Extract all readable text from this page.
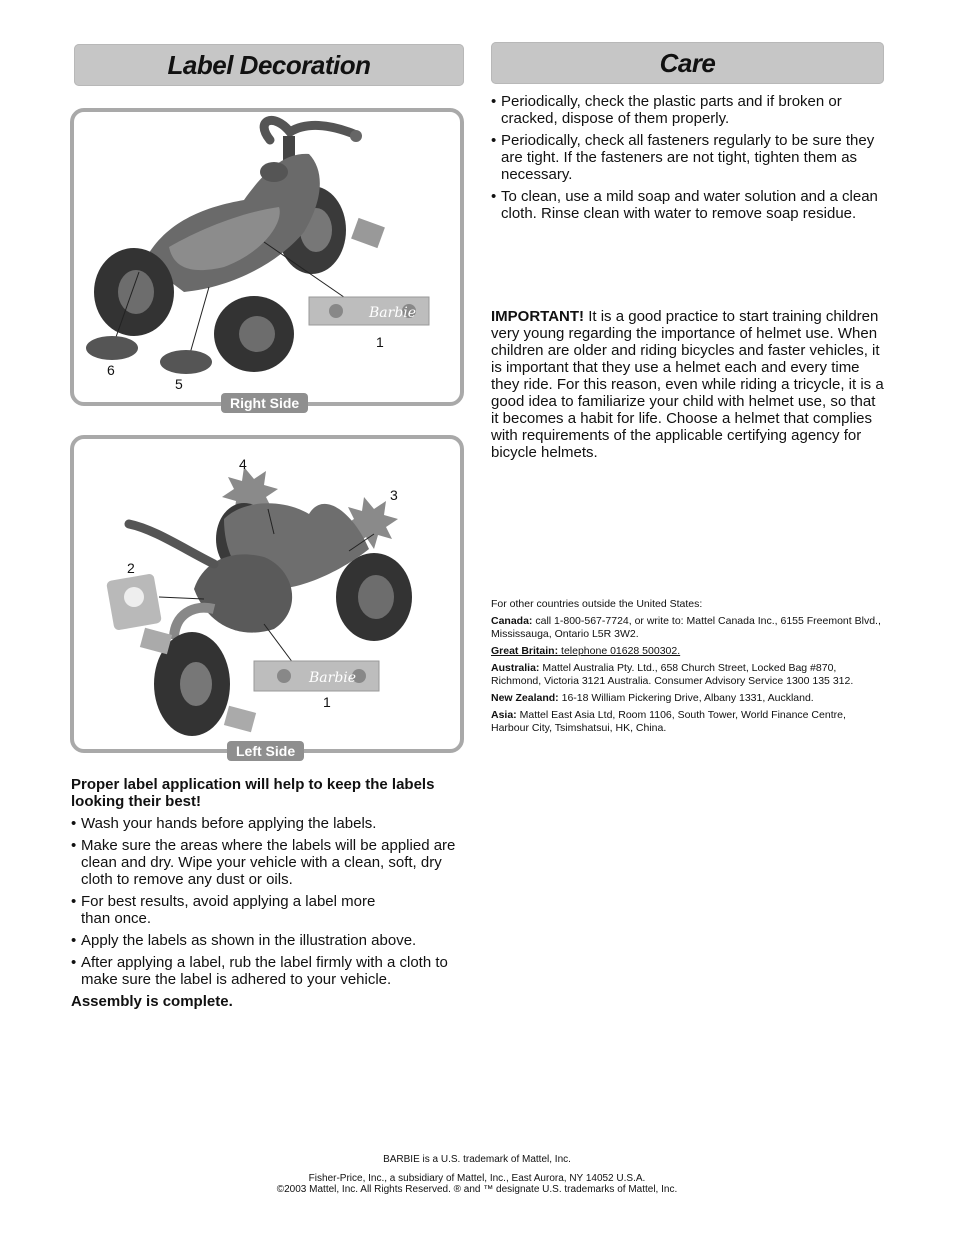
Label Decoration	Care
Barbie
1
6
5
Right Side
Barbie
4
3
2
1
Left Side
Proper label application will help to keep the labels looking their best!
• Wash your hands before applying the labels.
• Make sure the areas where the labels will be applied are clean and dry. Wipe your vehicle with a clean, soft, dry cloth to remove any dust or oils.
• For best results, avoid applying a label more than once.
• Apply the labels as shown in the illustration above.
• After applying a label, rub the label firmly with a cloth to make sure the label is adhered to your vehicle.
Assembly is complete.
• Periodically, check the plastic parts and if broken or cracked, dispose of them properly.
• Periodically, check all fasteners regularly to be sure they are tight. If the fasteners are not tight, tighten them as necessary.
• To clean, use a mild soap and water solution and a clean cloth. Rinse clean with water to remove soap residue.
IMPORTANT! It is a good practice to start training children very young regarding the importance of helmet use. When children are older and riding bicycles and faster vehicles, it is important that they use a helmet each and every time they ride. For this reason, even while riding a tricycle, it is a good idea to familiarize your child with helmet use, so that it becomes a habit for life. Choose a helmet that complies with requirements of the applicable certifying agency for bicycle helmets.

For other countries outside the United States:

Canada: call 1-800-567-7724, or write to: Mattel Canada Inc., 6155 Freemont Blvd., Mississauga, Ontario L5R 3W2.

Great Britain: telephone 01628 500302.

Australia: Mattel Australia Pty. Ltd., 658 Church Street, Locked Bag #870, Richmond, Victoria 3121 Australia. Consumer Advisory Service 1300 135 312.

New Zealand: 16-18 William Pickering Drive, Albany 1331, Auckland.

Asia: Mattel East Asia Ltd, Room 1106, South Tower, World Finance Centre, Harbour City, Tsimshatsui, HK, China.

BARBIE is a U.S. trademark of Mattel, Inc.
Fisher-Price, Inc., a subsidiary of Mattel, Inc., East Aurora, NY 14052 U.S.A.
©2003 Mattel, Inc. All Rights Reserved. ® and ™ designate U.S. trademarks of Mattel, Inc.
